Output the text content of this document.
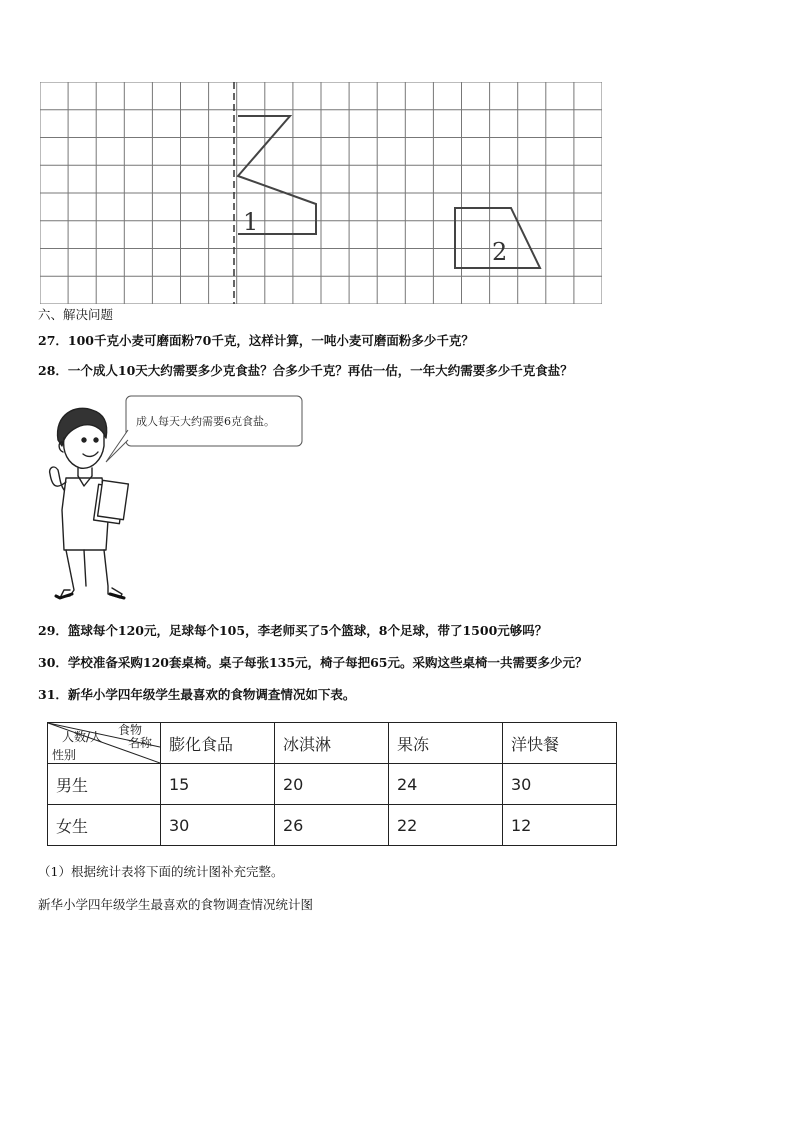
1
2
六、解决问题
27．100千克小麦可磨面粉70千克，这样计算，一吨小麦可磨面粉多少千克？
28．一个成人10天大约需要多少克食盐？合多少千克？再估一估，一年大约需要多少千克食盐？
成人每天大约需要6克食盐。
29．篮球每个120元，足球每个105，李老师买了5个篮球，8个足球，带了1500元够吗？
30．学校准备采购120套桌椅。桌子每张135元，椅子每把65元。采购这些桌椅一共需要多少元？
31．新华小学四年级学生最喜欢的食物调查情况如下表。
人数/人 食物
名称
性别	膨化食品	冰淇淋	果冻	洋快餐
男生	15	20	24	30
女生	30	26	22	12
（1）根据统计表将下面的统计图补充完整。
新华小学四年级学生最喜欢的食物调查情况统计图
